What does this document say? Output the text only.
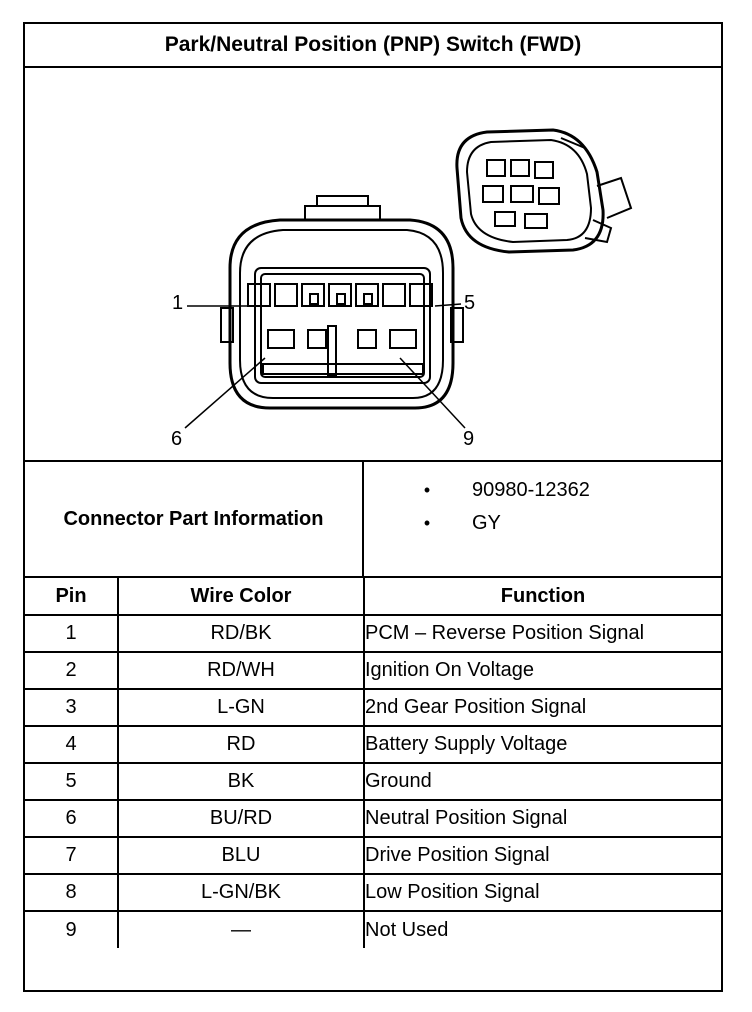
Park/Neutral Position (PNP) Switch (FWD)
1	5
6	9
Connector Part Information
•	90980-12362
•	GY
Pin	Wire Color	Function
1	RD/BK	PCM – Reverse Position Signal
2	RD/WH	Ignition On Voltage
3	L-GN	2nd Gear Position Signal
4	RD	Battery Supply Voltage
5	BK	Ground
6	BU/RD	Neutral Position Signal
7	BLU	Drive Position Signal
8	L-GN/BK	Low Position Signal
9	—	Not Used
